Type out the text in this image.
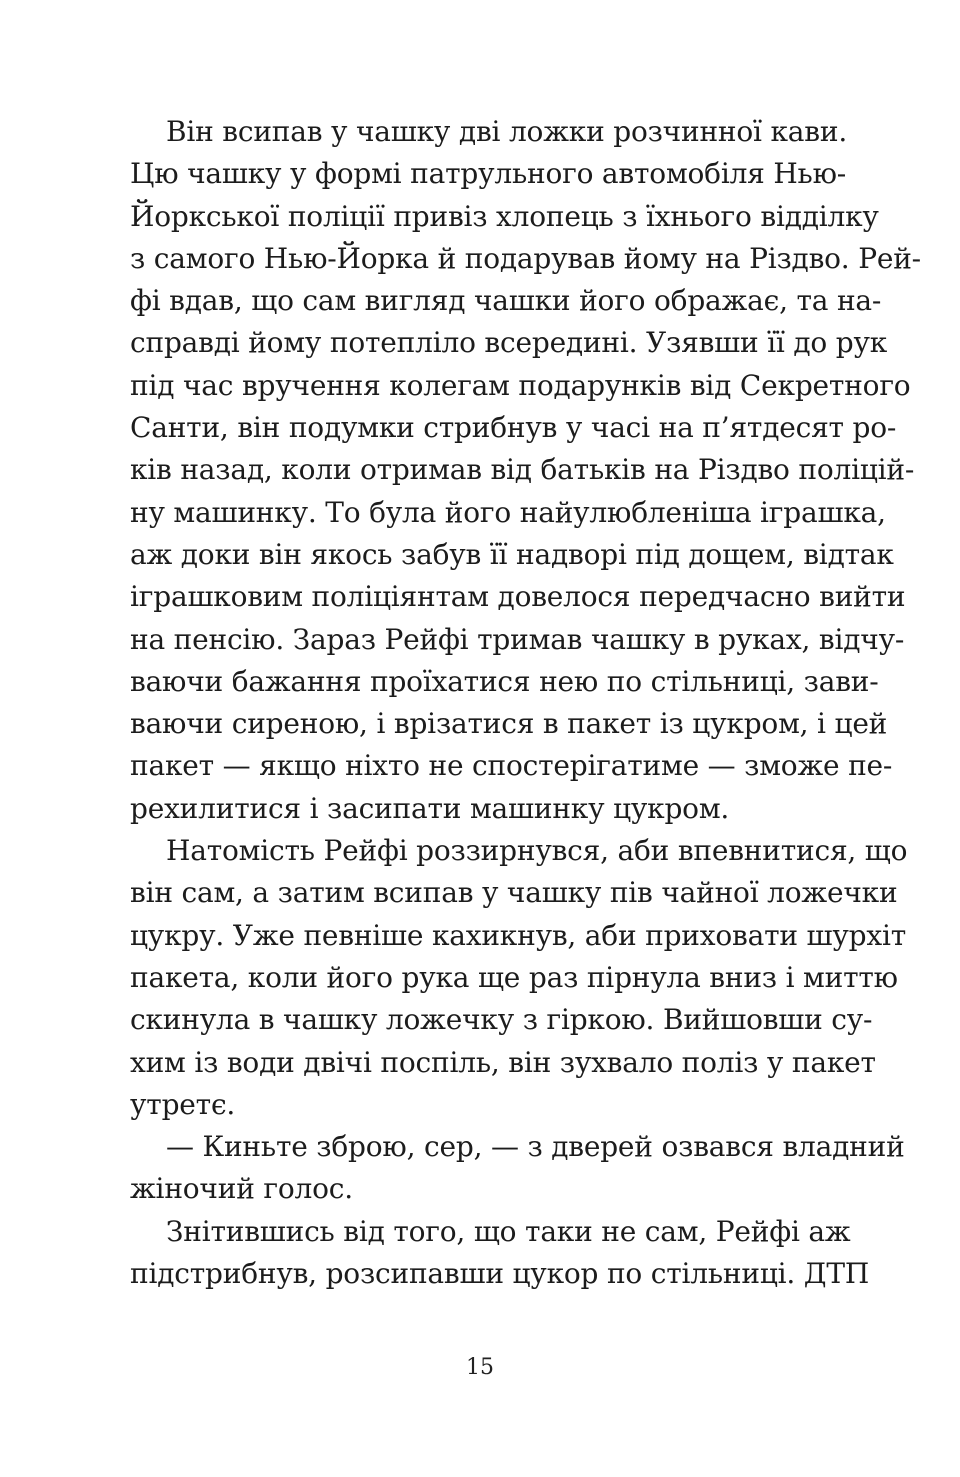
Він всипав у чашку дві ложки розчинної кави.
Цю чашку у формі патрульного автомобіля Нью-
Йоркської поліції привіз хлопець з їхнього відділку
з самого Нью-Йорка й подарував йому на Різдво. Рей-
фі вдав, що сам вигляд чашки його ображає, та на-
справді йому потепліло всередині. Узявши її до рук
під час вручення колегам подарунків від Секретного
Санти, він подумки стрибнув у часі на п’ятдесят ро-
ків назад, коли отримав від батьків на Різдво поліцій-
ну машинку. То була його найулюбленіша іграшка,
аж доки він якось забув її надворі під дощем, відтак
іграшковим поліціянтам довелося передчасно вийти
на пенсію. Зараз Рейфі тримав чашку в руках, відчу-
ваючи бажання проїхатися нею по стільниці, зави-
ваючи сиреною, і врізатися в пакет із цукром, і цей
пакет — якщо ніхто не спостерігатиме — зможе пе-
рехилитися і засипати машинку цукром.
Натомість Рейфі роззирнувся, аби впевнитися, що
він сам, а затим всипав у чашку пів чайної ложечки
цукру. Уже певніше кахикнув, аби приховати шурхіт
пакета, коли його рука ще раз пірнула вниз і миттю
скинула в чашку ложечку з гіркою. Вийшовши су-
хим із води двічі поспіль, він зухвало поліз у пакет
утретє.
— Киньте зброю, сер, — з дверей озвався владний
жіночий голос.
Знітившись від того, що таки не сам, Рейфі аж
підстрибнув, розсипавши цукор по стільниці. ДТП
15
